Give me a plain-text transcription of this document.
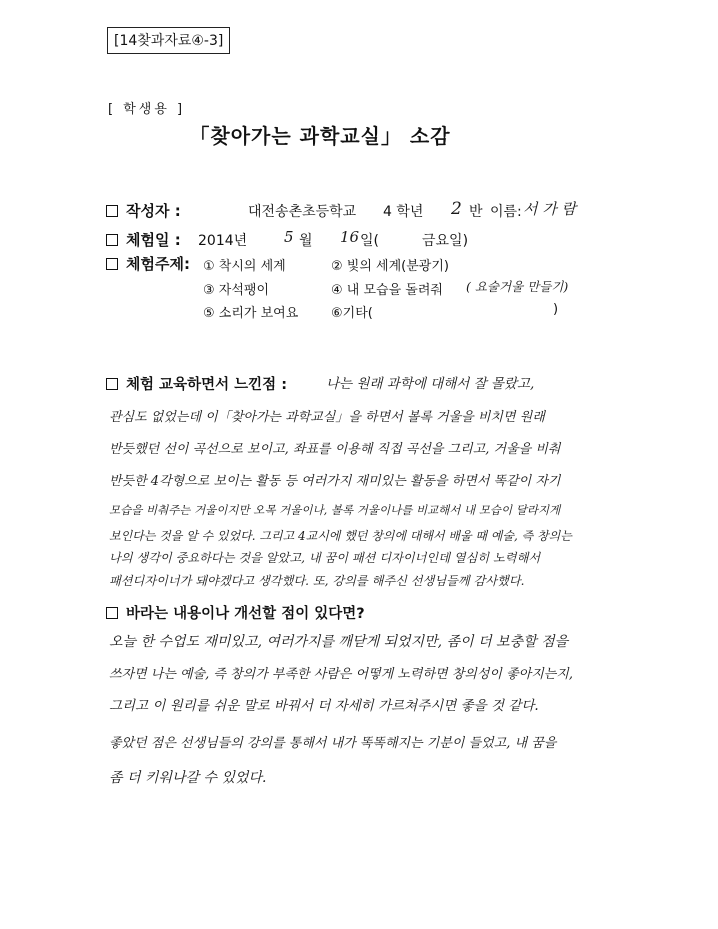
[14찾과자료④-3]
[ 학생용 ]
「찾아가는 과학교실」 소감
작성자 :	대전송촌초등학교 4 학년 2 반 이름: 서 가 람
체험일 : 2014년 5 월 16 일(	금요일)
체험주제: ① 착시의 세계	② 빛의 세계(분광기)
③ 자석팽이	④ 내 모습을 돌려줘 ( 요술거울 만들기)
⑤ 소리가 보여요	⑥기타(	)
체험 교육하면서 느낀점 :	나는 원래 과학에 대해서 잘 몰랐고,
관심도 없었는데 이「찾아가는 과학교실」을 하면서 볼록 거울을 비치면 원래
반듯했던 선이 곡선으로 보이고, 좌표를 이용해 직접 곡선을 그리고, 거울을 비춰
반듯한 4각형으로 보이는 활동 등 여러가지 재미있는 활동을 하면서 똑같이 자기
모습을 비춰주는 거울이지만 오목 거울이나, 볼록 거울이나를 비교해서 내 모습이 달라지게
보인다는 것을 알 수 있었다. 그리고 4교시에 했던 창의에 대해서 배울 때 예술, 즉 창의는
나의 생각이 중요하다는 것을 알았고, 내 꿈이 패션 디자이너인데 열심히 노력해서
패션디자이너가 돼야겠다고 생각했다. 또, 강의를 해주신 선생님들께 감사했다.
바라는 내용이나 개선할 점이 있다면?
오늘 한 수업도 재미있고, 여러가지를 깨닫게 되었지만, 좀이 더 보충할 점을
쓰자면 나는 예술, 즉 창의가 부족한 사람은 어떻게 노력하면 창의성이 좋아지는지,
그리고 이 원리를 쉬운 말로 바꿔서 더 자세히 가르쳐주시면 좋을 것 같다.
좋았던 점은 선생님들의 강의를 통해서 내가 똑똑해지는 기분이 들었고, 내 꿈을
좀 더 키워나갈 수 있었다.
